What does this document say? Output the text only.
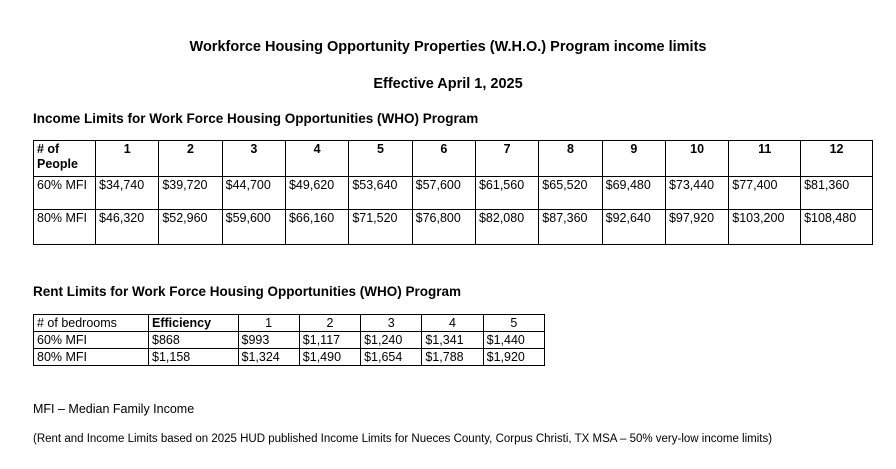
Workforce Housing Opportunity Properties (W.H.O.) Program income limits
Effective April 1, 2025
Income Limits for Work Force Housing Opportunities (WHO) Program
# of People	1	2	3	4	5	6	7	8	9	10	11	12
60% MFI	$34,740	$39,720	$44,700	$49,620	$53,640	$57,600	$61,560	$65,520	$69,480	$73,440	$77,400	$81,360
80% MFI	$46,320	$52,960	$59,600	$66,160	$71,520	$76,800	$82,080	$87,360	$92,640	$97,920	$103,200	$108,480
Rent Limits for Work Force Housing Opportunities (WHO) Program
# of bedrooms	Efficiency	1	2	3	4	5
60% MFI	$868	$993	$1,117	$1,240	$1,341	$1,440
80% MFI	$1,158	$1,324	$1,490	$1,654	$1,788	$1,920
MFI – Median Family Income
(Rent and Income Limits based on 2025 HUD published Income Limits for Nueces County, Corpus Christi, TX MSA – 50% very-low income limits)
